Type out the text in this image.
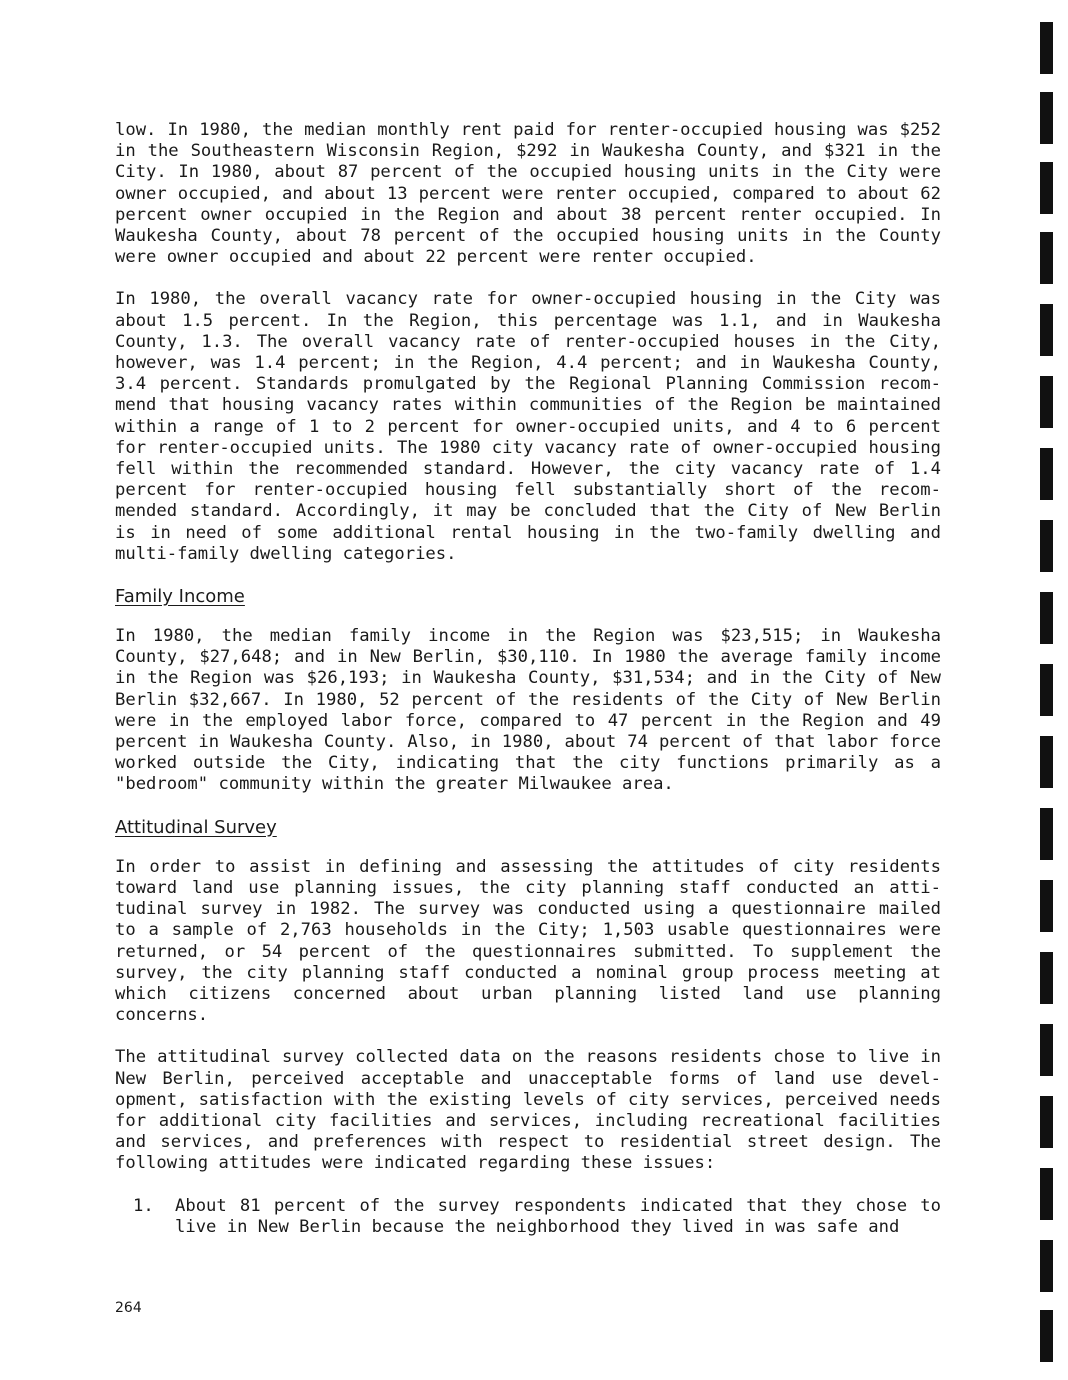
low. In 1980, the median monthly rent paid for renter-occupied housing was $252 in the Southeastern Wisconsin Region, $292 in Waukesha County, and $321 in the City. In 1980, about 87 percent of the occupied housing units in the City were owner occupied, and about 13 percent were renter occupied, compared to about 62 percent owner occupied in the Region and about 38 percent renter occupied. In Waukesha County, about 78 percent of the occupied housing units in the County were owner occupied and about 22 percent were renter occupied.

In 1980, the overall vacancy rate for owner-occupied housing in the City was about 1.5 percent. In the Region, this percentage was 1.1, and in Waukesha County, 1.3. The overall vacancy rate of renter-occupied houses in the City, however, was 1.4 percent; in the Region, 4.4 percent; and in Waukesha County, 3.4 percent. Standards promulgated by the Regional Planning Commission recom-mend that housing vacancy rates within communities of the Region be maintained within a range of 1 to 2 percent for owner-occupied units, and 4 to 6 percent for renter-occupied units. The 1980 city vacancy rate of owner-occupied housing fell within the recommended standard. However, the city vacancy rate of 1.4 percent for renter-occupied housing fell substantially short of the recom-mended standard. Accordingly, it may be concluded that the City of New Berlin is in need of some additional rental housing in the two-family dwelling and multi-family dwelling categories.

Family Income

In 1980, the median family income in the Region was $23,515; in Waukesha County, $27,648; and in New Berlin, $30,110. In 1980 the average family income in the Region was $26,193; in Waukesha County, $31,534; and in the City of New Berlin $32,667. In 1980, 52 percent of the residents of the City of New Berlin were in the employed labor force, compared to 47 percent in the Region and 49 percent in Waukesha County. Also, in 1980, about 74 percent of that labor force worked outside the City, indicating that the city functions primarily as a "bedroom" community within the greater Milwaukee area.

Attitudinal Survey

In order to assist in defining and assessing the attitudes of city residents toward land use planning issues, the city planning staff conducted an atti-tudinal survey in 1982. The survey was conducted using a questionnaire mailed to a sample of 2,763 households in the City; 1,503 usable questionnaires were returned, or 54 percent of the questionnaires submitted. To supplement the survey, the city planning staff conducted a nominal group process meeting at which citizens concerned about urban planning listed land use planning concerns.

The attitudinal survey collected data on the reasons residents chose to live in New Berlin, perceived acceptable and unacceptable forms of land use devel-opment, satisfaction with the existing levels of city services, perceived needs for additional city facilities and services, including recreational facilities and services, and preferences with respect to residential street design. The following attitudes were indicated regarding these issues:

1.	About 81 percent of the survey respondents indicated that they chose to live in New Berlin because the neighborhood they lived in was safe and
264
